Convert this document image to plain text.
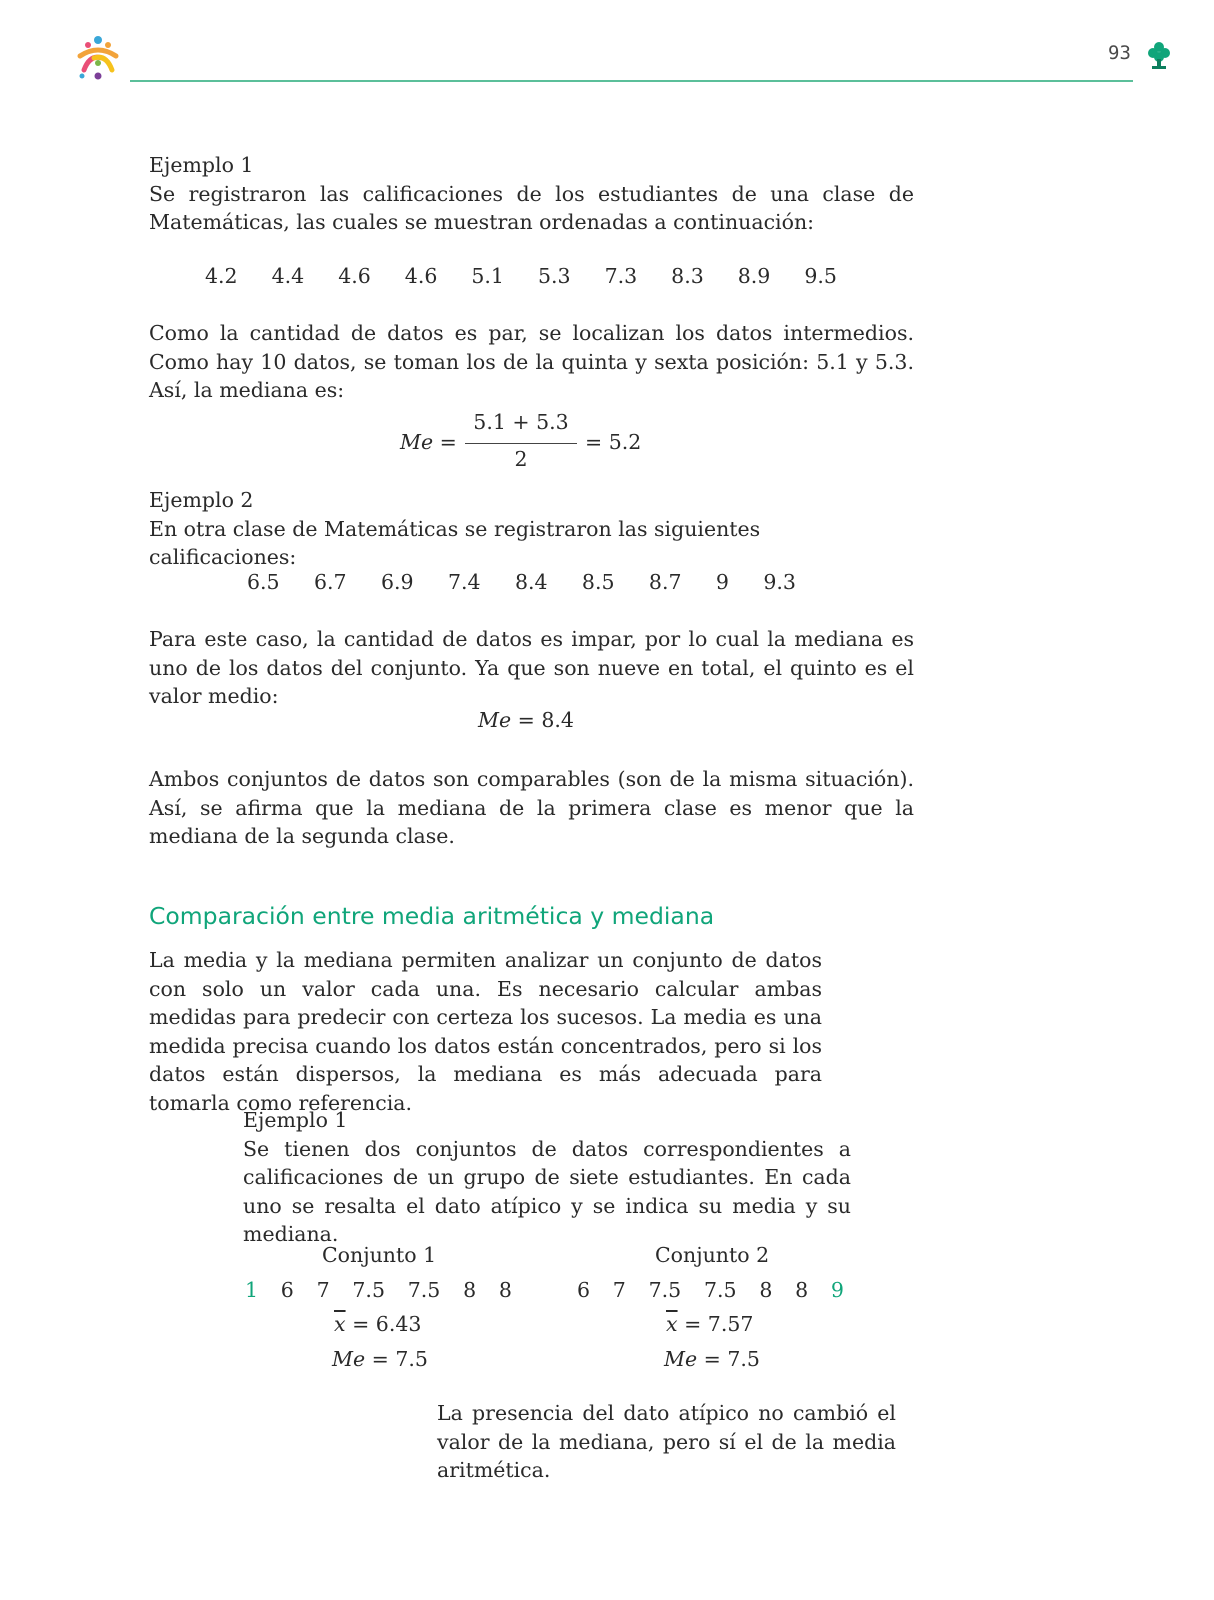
93

Ejemplo 1

Se registraron las calificaciones de los estudiantes de una clase de Matemáticas, las cuales se muestran ordenadas a continuación:

4.2 4.4 4.6 4.6 5.1 5.3 7.3 8.3 8.9 9.5
Como la cantidad de datos es par, se localizan los datos intermedios. Como hay 10 datos, se toman los de la quinta y sexta posición: 5.1 y 5.3. Así, la mediana es:
Me =
5.1 + 5.3
2
= 5.2

Ejemplo 2

En otra clase de Matemáticas se registraron las siguientes calificaciones:

6.5 6.7 6.9 7.4 8.4 8.5 8.7 9 9.3
Para este caso, la cantidad de datos es impar, por lo cual la mediana es uno de los datos del conjunto. Ya que son nueve en total, el quinto es el valor medio:
Me = 8.4
Ambos conjuntos de datos son comparables (son de la misma situación). Así, se afirma que la mediana de la primera clase es menor que la mediana de la segunda clase.
Comparación entre media aritmética y mediana
La media y la mediana permiten analizar un conjunto de datos con solo un valor cada una. Es necesario calcular ambas medidas para predecir con certeza los sucesos. La media es una medida precisa cuando los datos están concentrados, pero si los datos están dispersos, la mediana es más adecuada para tomarla como referencia.

Ejemplo 1

Se tienen dos conjuntos de datos correspondientes a calificaciones de un grupo de siete estudiantes. En cada uno se resalta el dato atípico y se indica su media y su mediana.

Conjunto 1
1 6 7 7.5 7.5 8 8
$\overline{x} = 6.43$
Me = 7.5
Conjunto 2
6 7 7.5 7.5 8 8 9
$\overline{x} = 7.57$
Me = 7.5
La presencia del dato atípico no cambió el valor de la mediana, pero sí el de la media aritmética.
